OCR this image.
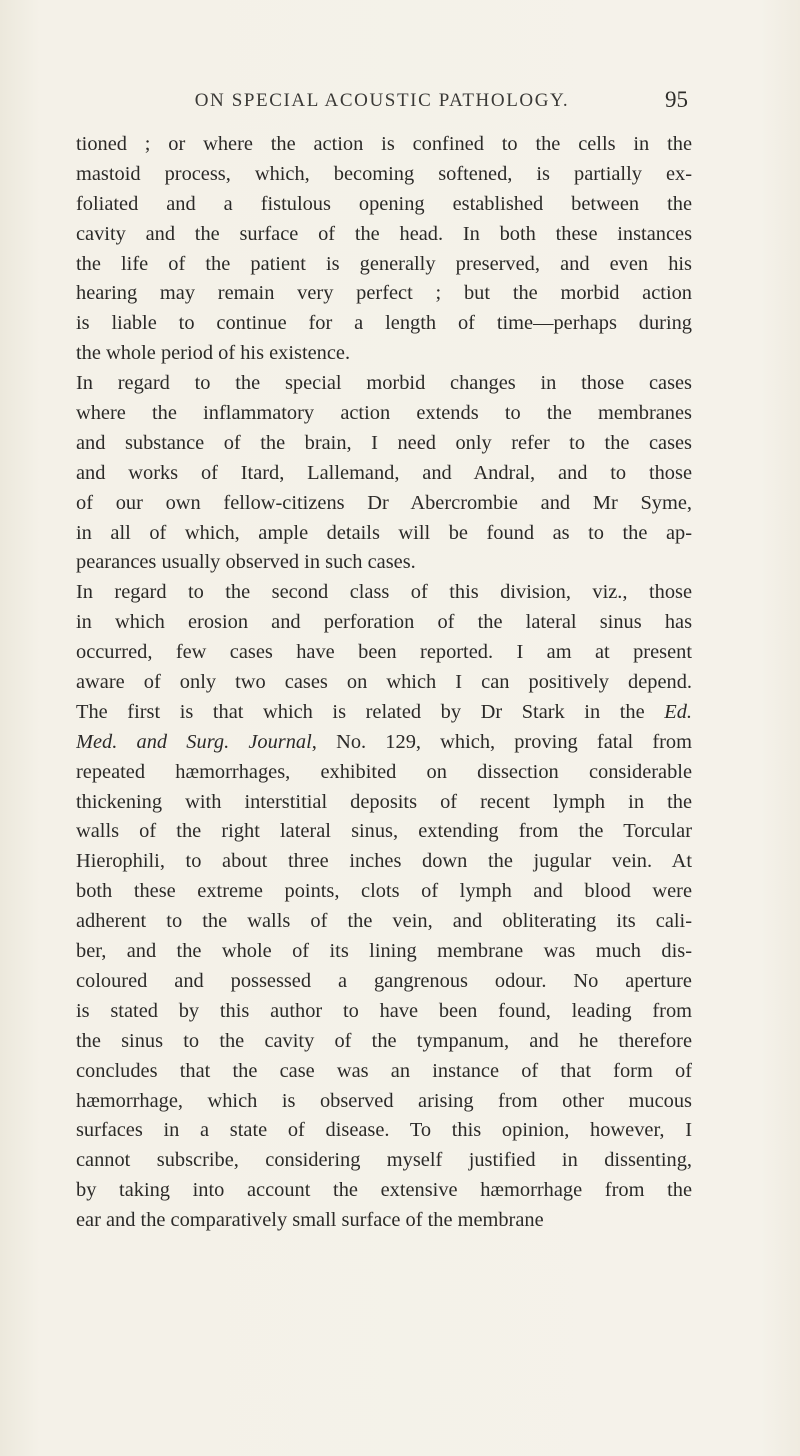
ON SPECIAL ACOUSTIC PATHOLOGY.	95
tioned ; or where the action is confined to the cells in the
mastoid process, which, becoming softened, is partially ex-
foliated and a fistulous opening established between the
cavity and the surface of the head. In both these instances
the life of the patient is generally preserved, and even his
hearing may remain very perfect ; but the morbid action
is liable to continue for a length of time—perhaps during
the whole period of his existence.
In regard to the special morbid changes in those cases
where the inflammatory action extends to the membranes
and substance of the brain, I need only refer to the cases
and works of Itard, Lallemand, and Andral, and to those
of our own fellow-citizens Dr Abercrombie and Mr Syme,
in all of which, ample details will be found as to the ap-
pearances usually observed in such cases.
In regard to the second class of this division, viz., those
in which erosion and perforation of the lateral sinus has
occurred, few cases have been reported. I am at present
aware of only two cases on which I can positively depend.
The first is that which is related by Dr Stark in the Ed.
Med. and Surg. Journal, No. 129, which, proving fatal from
repeated hæmorrhages, exhibited on dissection considerable
thickening with interstitial deposits of recent lymph in the
walls of the right lateral sinus, extending from the Torcular
Hierophili, to about three inches down the jugular vein. At
both these extreme points, clots of lymph and blood were
adherent to the walls of the vein, and obliterating its cali-
ber, and the whole of its lining membrane was much dis-
coloured and possessed a gangrenous odour. No aperture
is stated by this author to have been found, leading from
the sinus to the cavity of the tympanum, and he therefore
concludes that the case was an instance of that form of
hæmorrhage, which is observed arising from other mucous
surfaces in a state of disease. To this opinion, however, I
cannot subscribe, considering myself justified in dissenting,
by taking into account the extensive hæmorrhage from the
ear and the comparatively small surface of the membrane
